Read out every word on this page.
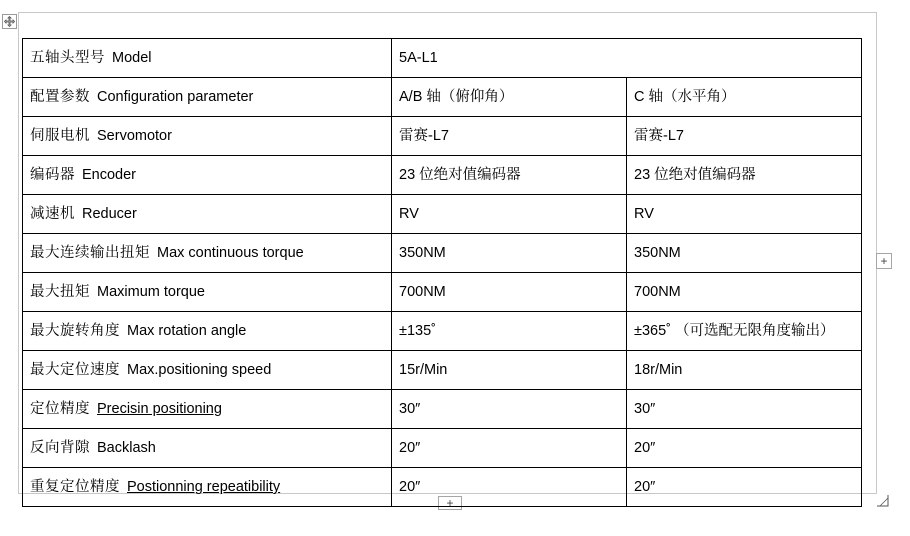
+
+
五轴头型号 Model	5A-L1	
配置参数 Configuration parameter	A/B 轴（俯仰角）	C 轴（水平角）
伺服电机 Servomotor	雷赛-L7	雷赛-L7
编码器 Encoder	23 位绝对值编码器	23 位绝对值编码器
减速机 Reducer	RV	RV
最大连续输出扭矩 Max continuous torque	350NM	350NM
最大扭矩 Maximum torque	700NM	700NM
最大旋转角度 Max rotation angle	±135˚	±365˚ （可选配无限角度输出）
最大定位速度 Max.positioning speed	15r/Min	18r/Min
定位精度 Precisin positioning	30″	30″
反向背隙 Backlash	20″	20″
重复定位精度 Postionning repeatibility	20″	20″
